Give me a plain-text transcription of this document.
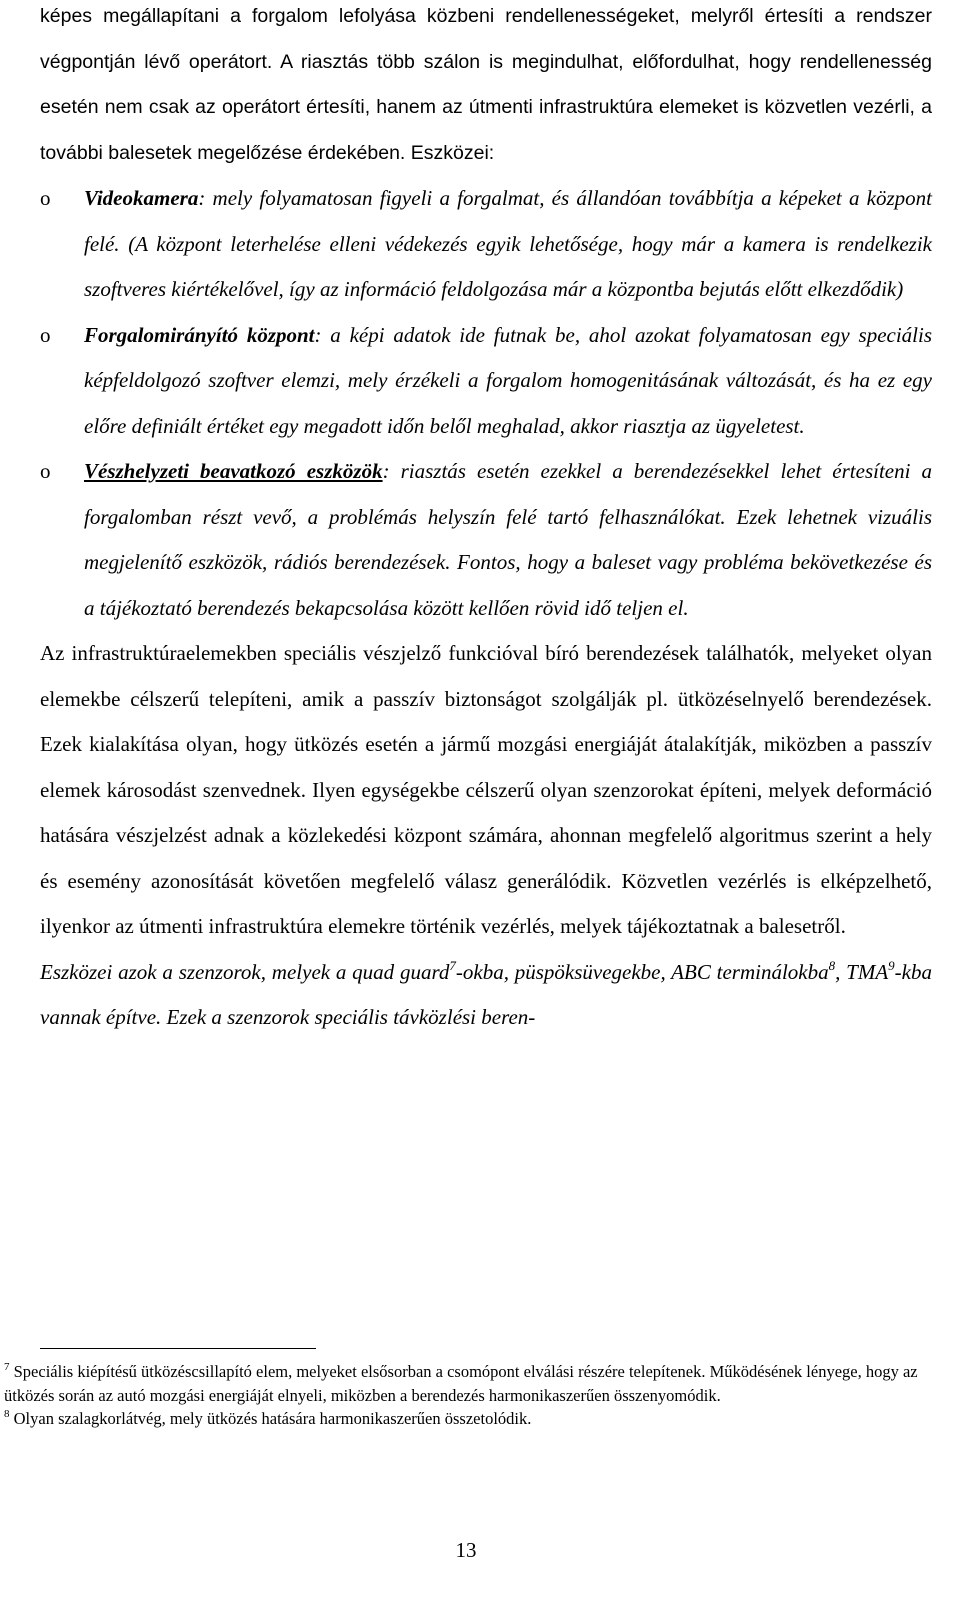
képes megállapítani a forgalom lefolyása közbeni rendellenességeket, melyről értesíti a rendszer végpontján lévő operátort. A riasztás több szálon is megindulhat, előfordulhat, hogy rendellenesség esetén nem csak az operátort értesíti, hanem az útmenti infrastruktúra elemeket is közvetlen vezérli, a további balesetek megelőzése érdekében. Eszközei:

o Videokamera: mely folyamatosan figyeli a forgalmat, és állandóan továbbítja a képeket a központ felé. (A központ leterhelése elleni védekezés egyik lehetősége, hogy már a kamera is rendelkezik szoftveres kiértékelővel, így az információ feldolgozása már a központba bejutás előtt elkezdődik)

o Forgalomirányító központ: a képi adatok ide futnak be, ahol azokat folyamatosan egy speciális képfeldolgozó szoftver elemzi, mely érzékeli a forgalom homogenitásának változását, és ha ez egy előre definiált értéket egy megadott időn belől meghalad, akkor riasztja az ügyeletest.

o Vészhelyzeti beavatkozó eszközök: riasztás esetén ezekkel a berendezésekkel lehet értesíteni a forgalomban részt vevő, a problémás helyszín felé tartó felhasználókat. Ezek lehetnek vizuális megjelenítő eszközök, rádiós berendezések. Fontos, hogy a baleset vagy probléma bekövetkezése és a tájékoztató berendezés bekapcsolása között kellően rövid idő teljen el.

Az infrastruktúraelemekben speciális vészjelző funkcióval bíró berendezések találhatók, melyeket olyan elemekbe célszerű telepíteni, amik a passzív biztonságot szolgálják pl. ütközéselnyelő berendezések. Ezek kialakítása olyan, hogy ütközés esetén a jármű mozgási energiáját átalakítják, miközben a passzív elemek károsodást szenvednek. Ilyen egységekbe célszerű olyan szenzorokat építeni, melyek deformáció hatására vészjelzést adnak a közlekedési központ számára, ahonnan megfelelő algoritmus szerint a hely és esemény azonosítását követően megfelelő válasz generálódik. Közvetlen vezérlés is elképzelhető, ilyenkor az útmenti infrastruktúra elemekre történik vezérlés, melyek tájékoztatnak a balesetről.

Eszközei azok a szenzorok, melyek a quad guard$^7$-okba, püspöksüvegekbe, ABC terminálokba$^8$, TMA$^9$-kba vannak építve. Ezek a szenzorok speciális távközlési beren-

$^7$ Speciális kiépítésű ütközéscsillapító elem, melyeket elsősorban a csomópont elválási részére telepítenek. Működésének lényege, hogy az ütközés során az autó mozgási energiáját elnyeli, miközben a berendezés harmonikaszerűen összenyomódik.

$^8$ Olyan szalagkorlátvég, mely ütközés hatására harmonikaszerűen összetolódik.

13
